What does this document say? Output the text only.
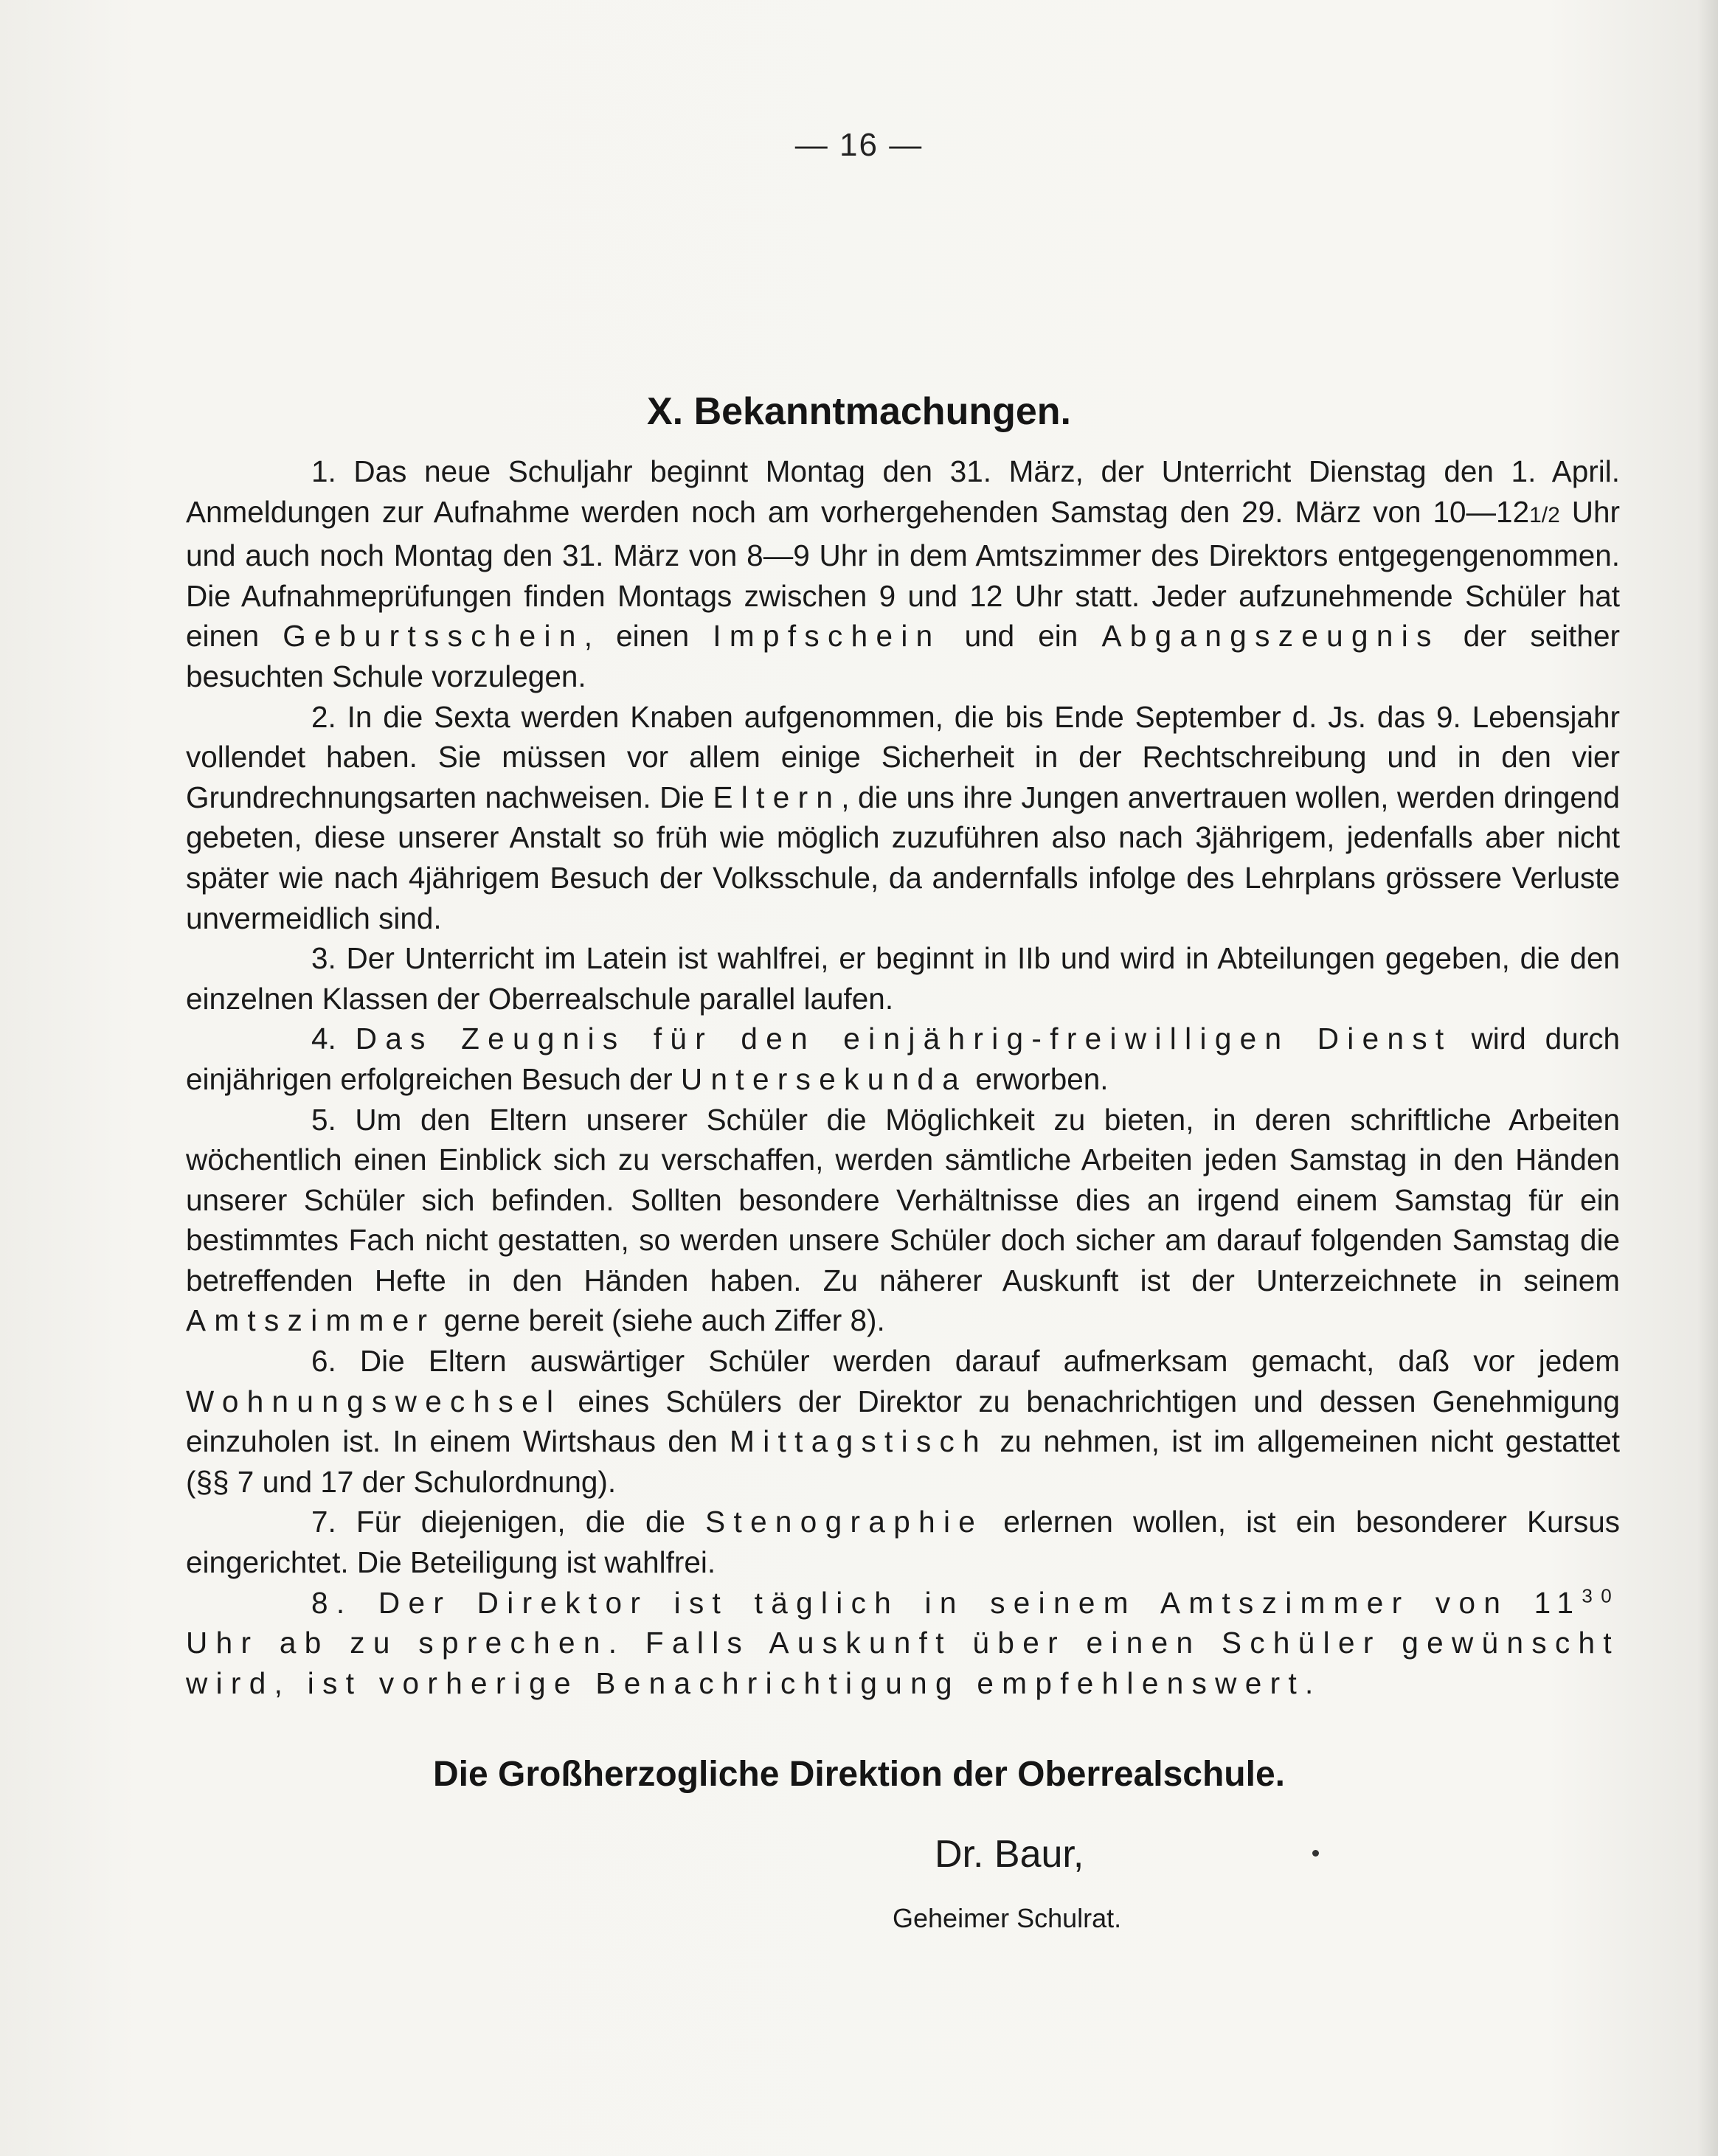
— 16 —
X. Bekanntmachungen.

1. Das neue Schuljahr beginnt Montag den 31. März, der Unterricht Dienstag den 1. April. Anmeldungen zur Aufnahme werden noch am vorhergehenden Samstag den 29. März von 10—121/2 Uhr und auch noch Montag den 31. März von 8—9 Uhr in dem Amtszimmer des Direktors entgegengenommen. Die Aufnahmeprüfungen finden Montags zwischen 9 und 12 Uhr statt. Jeder aufzunehmende Schüler hat einen Geburtsschein, einen Impfschein und ein Abgangszeugnis der seither besuchten Schule vorzulegen.

2. In die Sexta werden Knaben aufgenommen, die bis Ende September d. Js. das 9. Lebensjahr vollendet haben. Sie müssen vor allem einige Sicherheit in der Rechtschreibung und in den vier Grundrechnungsarten nachweisen. Die Eltern, die uns ihre Jungen anvertrauen wollen, werden dringend gebeten, diese unserer Anstalt so früh wie möglich zuzuführen also nach 3jährigem, jedenfalls aber nicht später wie nach 4jährigem Besuch der Volksschule, da andernfalls infolge des Lehrplans grössere Verluste unvermeidlich sind.

3. Der Unterricht im Latein ist wahlfrei, er beginnt in IIb und wird in Abteilungen gegeben, die den einzelnen Klassen der Oberrealschule parallel laufen.

4. Das Zeugnis für den einjährig-freiwilligen Dienst wird durch einjährigen erfolgreichen Besuch der Untersekunda erworben.

5. Um den Eltern unserer Schüler die Möglichkeit zu bieten, in deren schriftliche Arbeiten wöchentlich einen Einblick sich zu verschaffen, werden sämtliche Arbeiten jeden Samstag in den Händen unserer Schüler sich befinden. Sollten besondere Verhältnisse dies an irgend einem Samstag für ein bestimmtes Fach nicht gestatten, so werden unsere Schüler doch sicher am darauf folgenden Samstag die betreffenden Hefte in den Händen haben. Zu näherer Auskunft ist der Unterzeichnete in seinem Amtszimmer gerne bereit (siehe auch Ziffer 8).

6. Die Eltern auswärtiger Schüler werden darauf aufmerksam gemacht, daß vor jedem Wohnungswechsel eines Schülers der Direktor zu benachrichtigen und dessen Genehmigung einzuholen ist. In einem Wirtshaus den Mittagstisch zu nehmen, ist im allgemeinen nicht gestattet (§§ 7 und 17 der Schulordnung).

7. Für diejenigen, die die Stenographie erlernen wollen, ist ein besonderer Kursus eingerichtet. Die Beteiligung ist wahlfrei.

8. Der Direktor ist täglich in seinem Amtszimmer von $11^{30}$ Uhr ab zu sprechen. Falls Auskunft über einen Schüler gewünscht wird, ist vorherige Benachrichtigung empfehlenswert.

Die Großherzogliche Direktion der Oberrealschule.
Dr. Baur,
Geheimer Schulrat.
